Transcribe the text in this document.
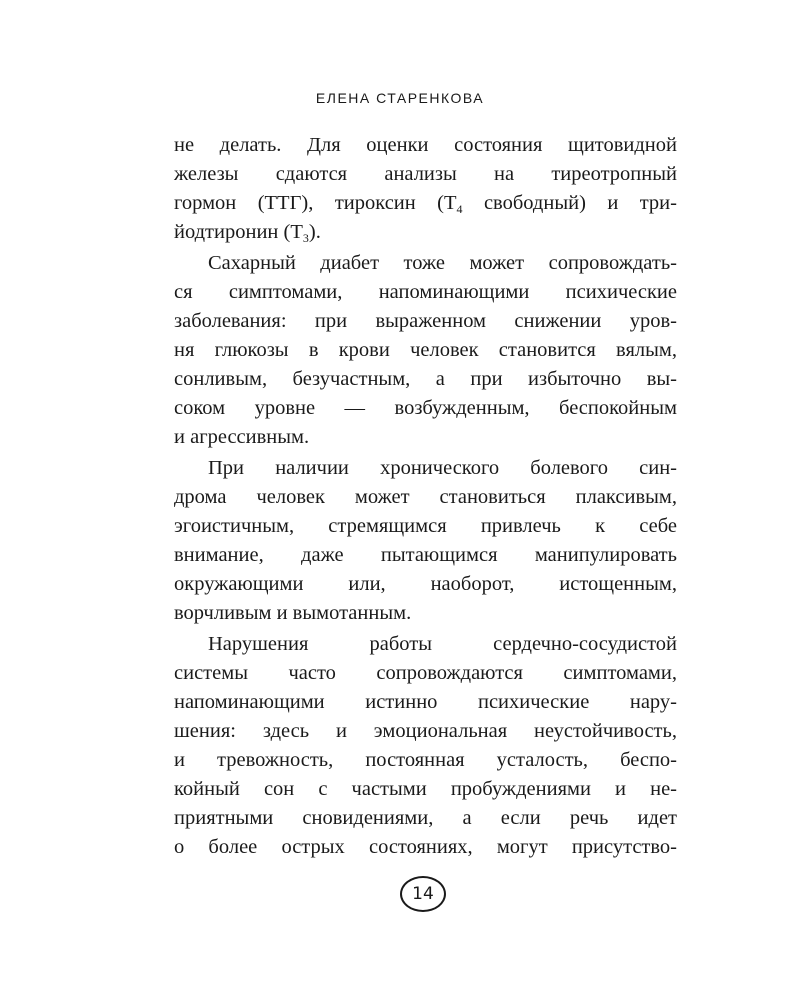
ЕЛЕНА СТАРЕНКОВА
не делать. Для оценки состояния щитовидной
железы сдаются анализы на тиреотропный
гормон (ТТГ), тироксин ($Т_4$ свободный) и три-
йодтиронин $(Т_3)$.
Сахарный диабет тоже может сопровождать-
ся симптомами, напоминающими психические
заболевания: при выраженном снижении уров-
ня глюкозы в крови человек становится вялым,
сонливым, безучастным, а при избыточно вы-
соком уровне — возбужденным, беспокойным
и агрессивным.
При наличии хронического болевого син-
дрома человек может становиться плаксивым,
эгоистичным, стремящимся привлечь к себе
внимание, даже пытающимся манипулировать
окружающими или, наоборот, истощенным,
ворчливым и вымотанным.
Нарушения работы сердечно-сосудистой
системы часто сопровождаются симптомами,
напоминающими истинно психические нару-
шения: здесь и эмоциональная неустойчивость,
и тревожность, постоянная усталость, беспо-
койный сон с частыми пробуждениями и не-
приятными сновидениями, а если речь идет
о более острых состояниях, могут присутство-
14
